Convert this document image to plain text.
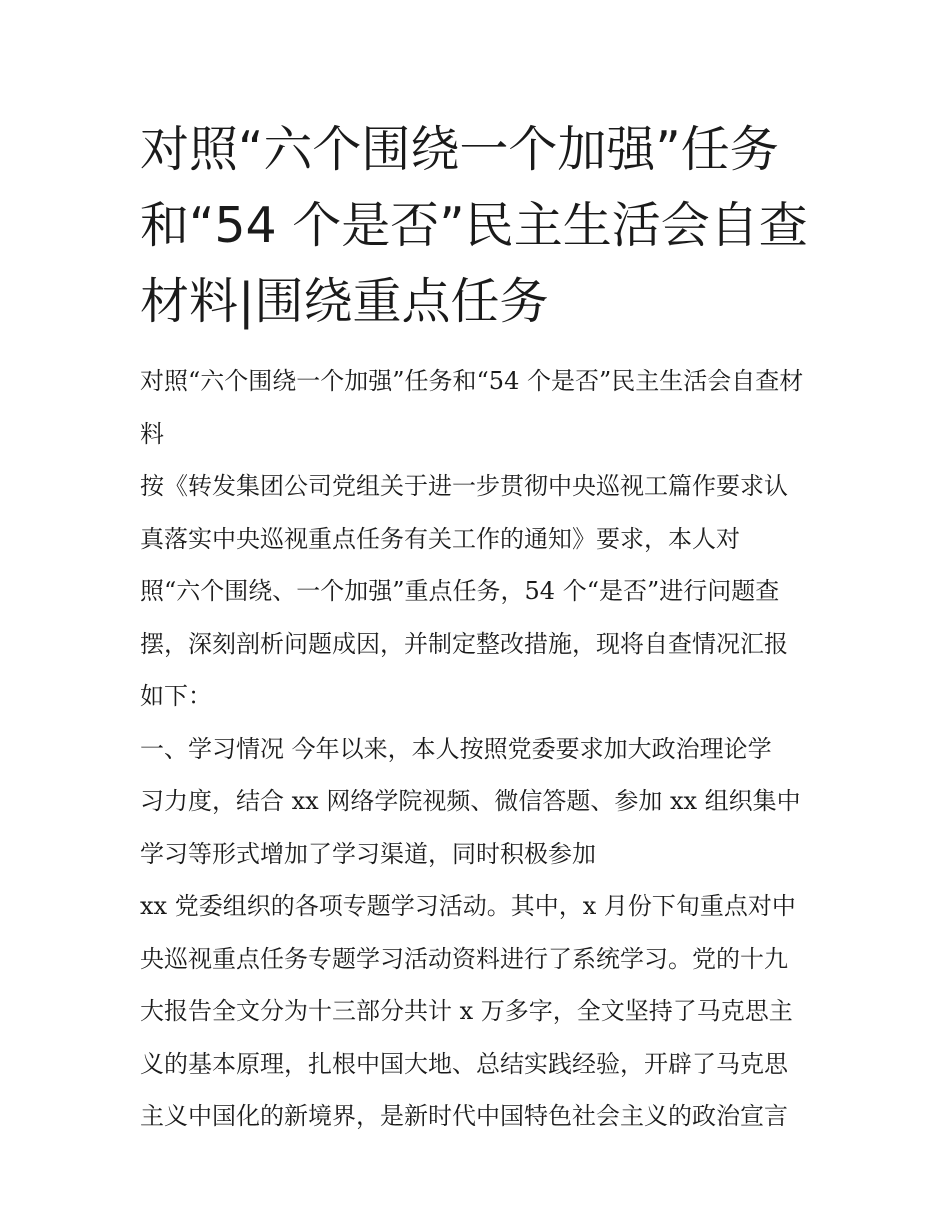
对照“六个围绕一个加强”任务
和“54 个是否”民主生活会自查
材料|围绕重点任务
对照“六个围绕一个加强”任务和“54 个是否”民主生活会自查材
料
按《转发集团公司党组关于进一步贯彻中央巡视工篇作要求认
真落实中央巡视重点任务有关工作的通知》要求，本人对
照“六个围绕、一个加强”重点任务，54 个“是否”进行问题查
摆，深刻剖析问题成因，并制定整改措施，现将自查情况汇报
如下：
一、学习情况 今年以来，本人按照党委要求加大政治理论学
习力度，结合 xx 网络学院视频、微信答题、参加 xx 组织集中
学习等形式增加了学习渠道，同时积极参加
xx 党委组织的各项专题学习活动。其中，x 月份下旬重点对中
央巡视重点任务专题学习活动资料进行了系统学习。党的十九
大报告全文分为十三部分共计 x 万多字，全文坚持了马克思主
义的基本原理，扎根中国大地、总结实践经验，开辟了马克思
主义中国化的新境界，是新时代中国特色社会主义的政治宣言
